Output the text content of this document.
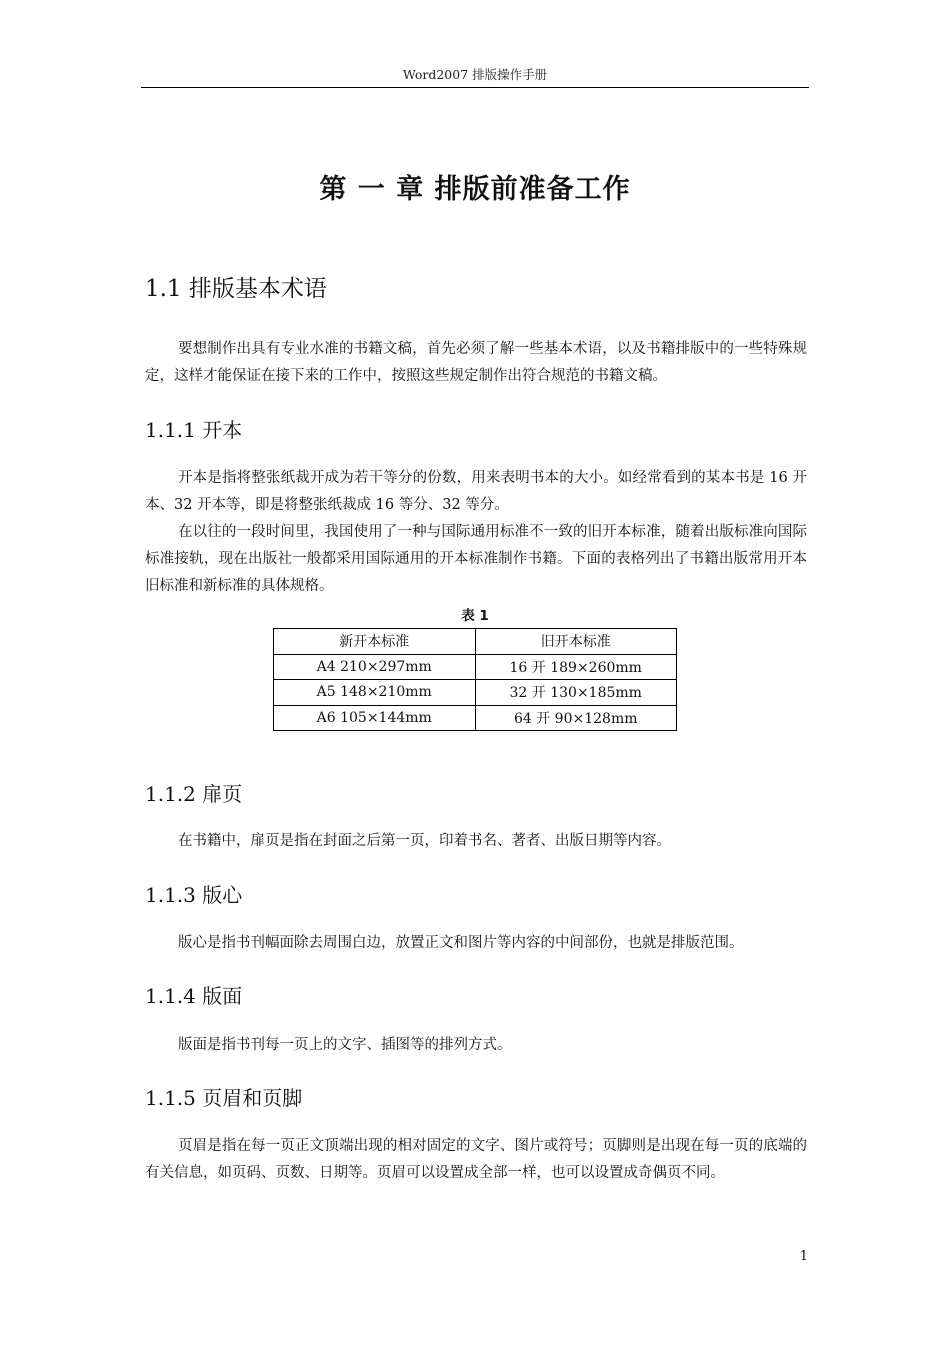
Word2007 排版操作手册
第 一 章 排版前准备工作
1.1 排版基本术语

要想制作出具有专业水准的书籍文稿，首先必须了解一些基本术语，以及书籍排版中的一些特殊规定，这样才能保证在接下来的工作中，按照这些规定制作出符合规范的书籍文稿。

1.1.1 开本

开本是指将整张纸裁开成为若干等分的份数，用来表明书本的大小。如经常看到的某本书是 16 开本、32 开本等，即是将整张纸裁成 16 等分、32 等分。

在以往的一段时间里，我国使用了一种与国际通用标准不一致的旧开本标准，随着出版标准向国际标准接轨，现在出版社一般都采用国际通用的开本标准制作书籍。下面的表格列出了书籍出版常用开本旧标准和新标准的具体规格。

表 1
新开本标准	旧开本标准
A4 210×297mm	16 开 189×260mm
A5 148×210mm	32 开 130×185mm
A6 105×144mm	64 开 90×128mm
1.1.2 扉页

在书籍中，扉页是指在封面之后第一页，印着书名、著者、出版日期等内容。

1.1.3 版心

版心是指书刊幅面除去周围白边，放置正文和图片等内容的中间部份，也就是排版范围。

1.1.4 版面

版面是指书刊每一页上的文字、插图等的排列方式。

1.1.5 页眉和页脚

页眉是指在每一页正文顶端出现的相对固定的文字、图片或符号；页脚则是出现在每一页的底端的有关信息，如页码、页数、日期等。页眉可以设置成全部一样，也可以设置成奇偶页不同。

1
